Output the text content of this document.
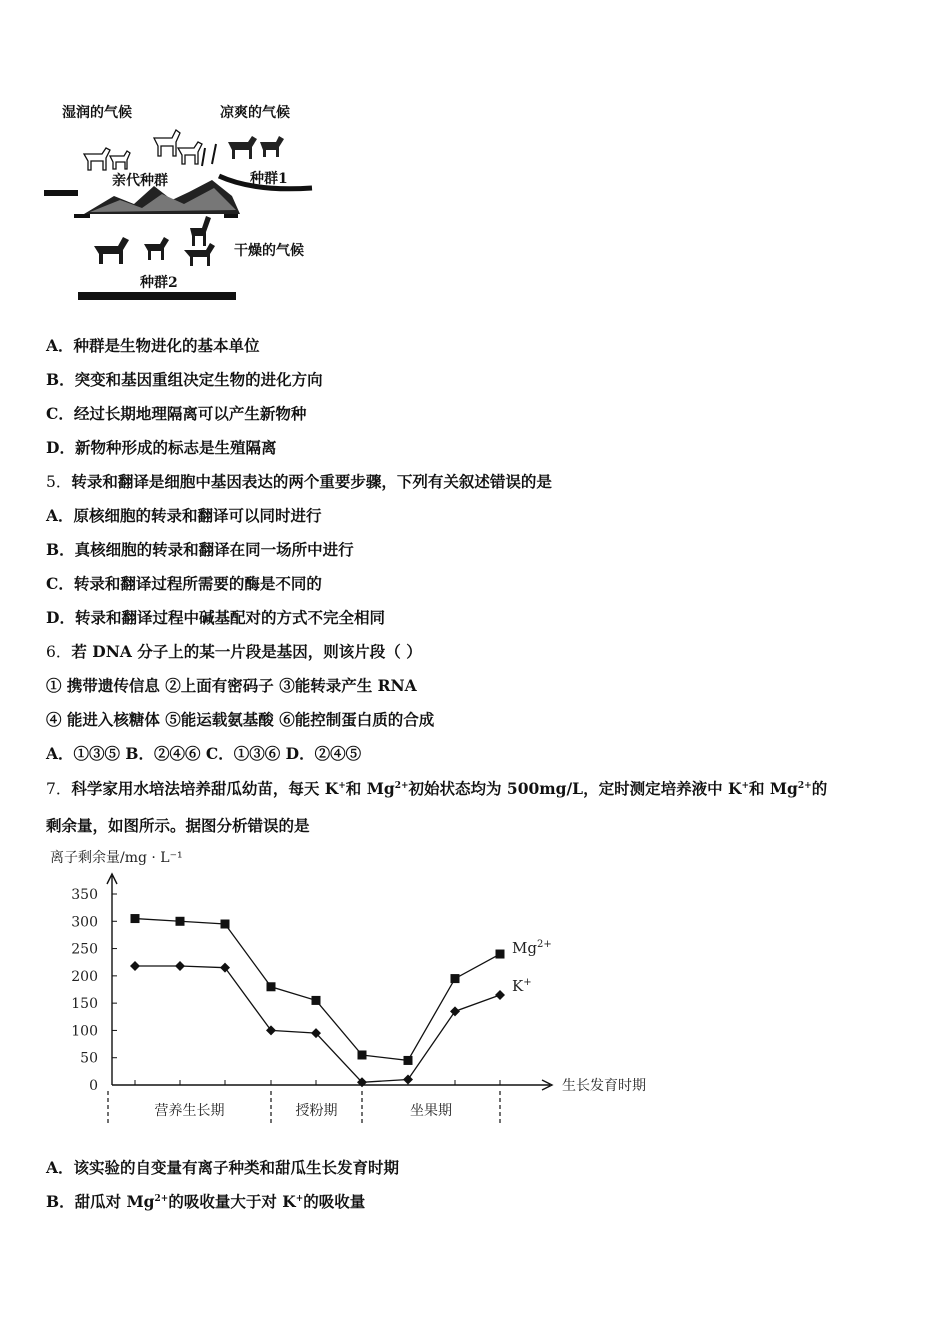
湿润的气候	凉爽的气候
亲代种群	种群1
干燥的气候
种群2
A．种群是生物进化的基本单位
B．突变和基因重组决定生物的进化方向
C．经过长期地理隔离可以产生新物种
D．新物种形成的标志是生殖隔离
5．转录和翻译是细胞中基因表达的两个重要步骤，下列有关叙述错误的是
A．原核细胞的转录和翻译可以同时进行
B．真核细胞的转录和翻译在同一场所中进行
C．转录和翻译过程所需要的酶是不同的
D．转录和翻译过程中碱基配对的方式不完全相同
6．若 DNA 分子上的某一片段是基因，则该片段（ ）
① 携带遗传信息 ②上面有密码子 ③能转录产生 RNA
④ 能进入核糖体 ⑤能运载氨基酸 ⑥能控制蛋白质的合成
A．①③⑤ B．②④⑥ C．①③⑥ D．②④⑤
7．科学家用水培法培养甜瓜幼苗，每天 K+和 $Mg^{2+}$初始状态均为 500mg/L，定时测定培养液中 K+和 $Mg^{2+}$的
剩余量，如图所示。据图分析错误的是
0
50
100
150
200
250
300
350
离子剩余量/mg · L⁻¹
生长发育时期
营养生长期	授粉期	坐果期
$Mg^{2+}$
K+
A．该实验的自变量有离子种类和甜瓜生长发育时期
B．甜瓜对 $Mg^{2+}$的吸收量大于对 K+的吸收量
